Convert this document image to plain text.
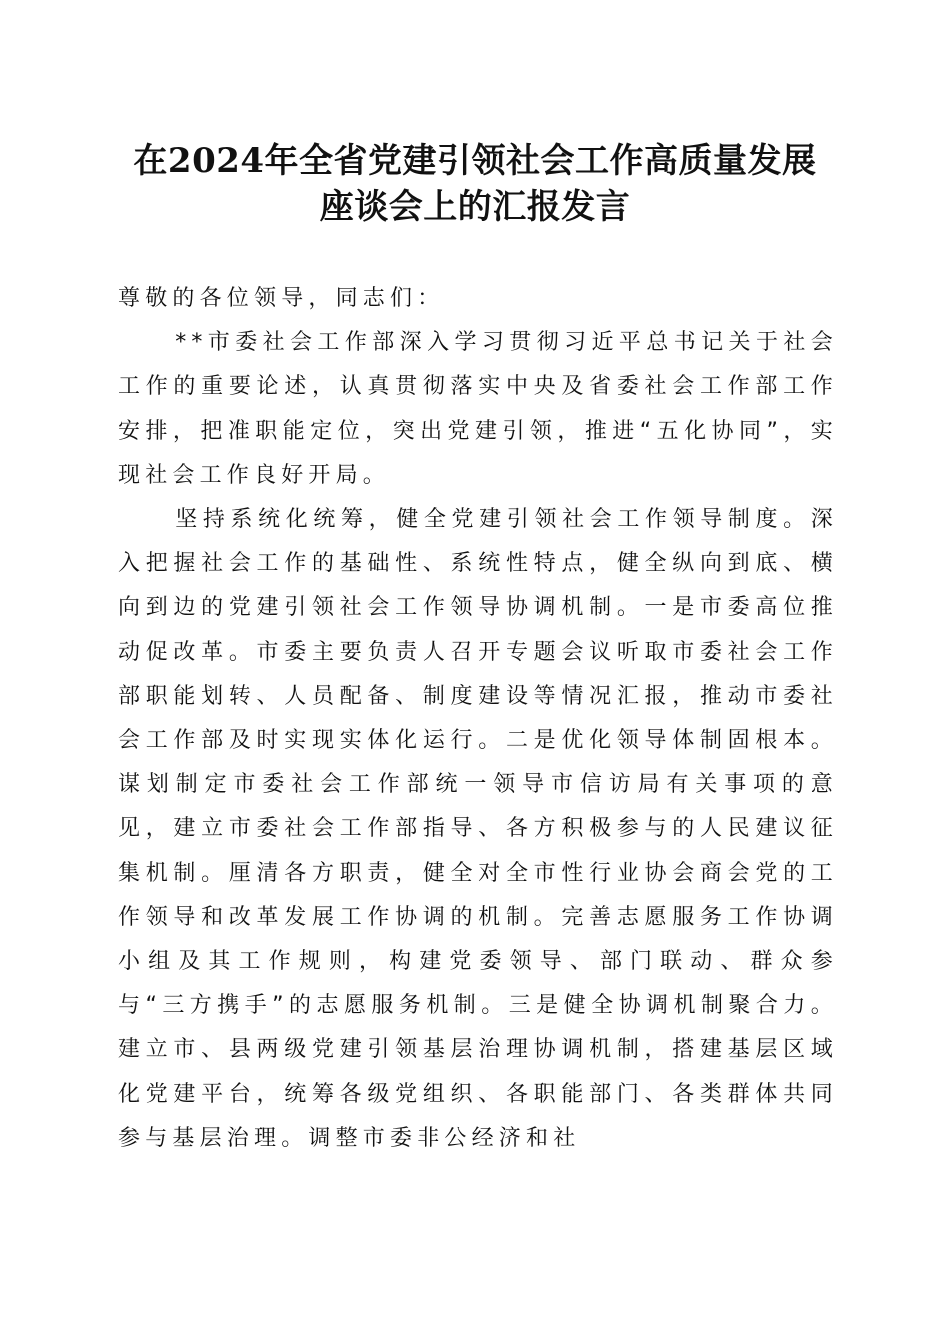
在2024年全省党建引领社会工作高质量发展
座谈会上的汇报发言

尊敬的各位领导，同志们：

**市委社会工作部深入学习贯彻习近平总书记关于社会工作的重要论述，认真贯彻落实中央及省委社会工作部工作安排，把准职能定位，突出党建引领，推进“五化协同”，实现社会工作良好开局。

坚持系统化统筹，健全党建引领社会工作领导制度。深入把握社会工作的基础性、系统性特点，健全纵向到底、横向到边的党建引领社会工作领导协调机制。一是市委高位推动促改革。市委主要负责人召开专题会议听取市委社会工作部职能划转、人员配备、制度建设等情况汇报，推动市委社会工作部及时实现实体化运行。二是优化领导体制固根本。谋划制定市委社会工作部统一领导市信访局有关事项的意见，建立市委社会工作部指导、各方积极参与的人民建议征集机制。厘清各方职责，健全对全市性行业协会商会党的工作领导和改革发展工作协调的机制。完善志愿服务工作协调小组及其工作规则，构建党委领导、部门联动、群众参与“三方携手”的志愿服务机制。三是健全协调机制聚合力。建立市、县两级党建引领基层治理协调机制，搭建基层区域化党建平台，统筹各级党组织、各职能部门、各类群体共同参与基层治理。调整市委非公经济和社
